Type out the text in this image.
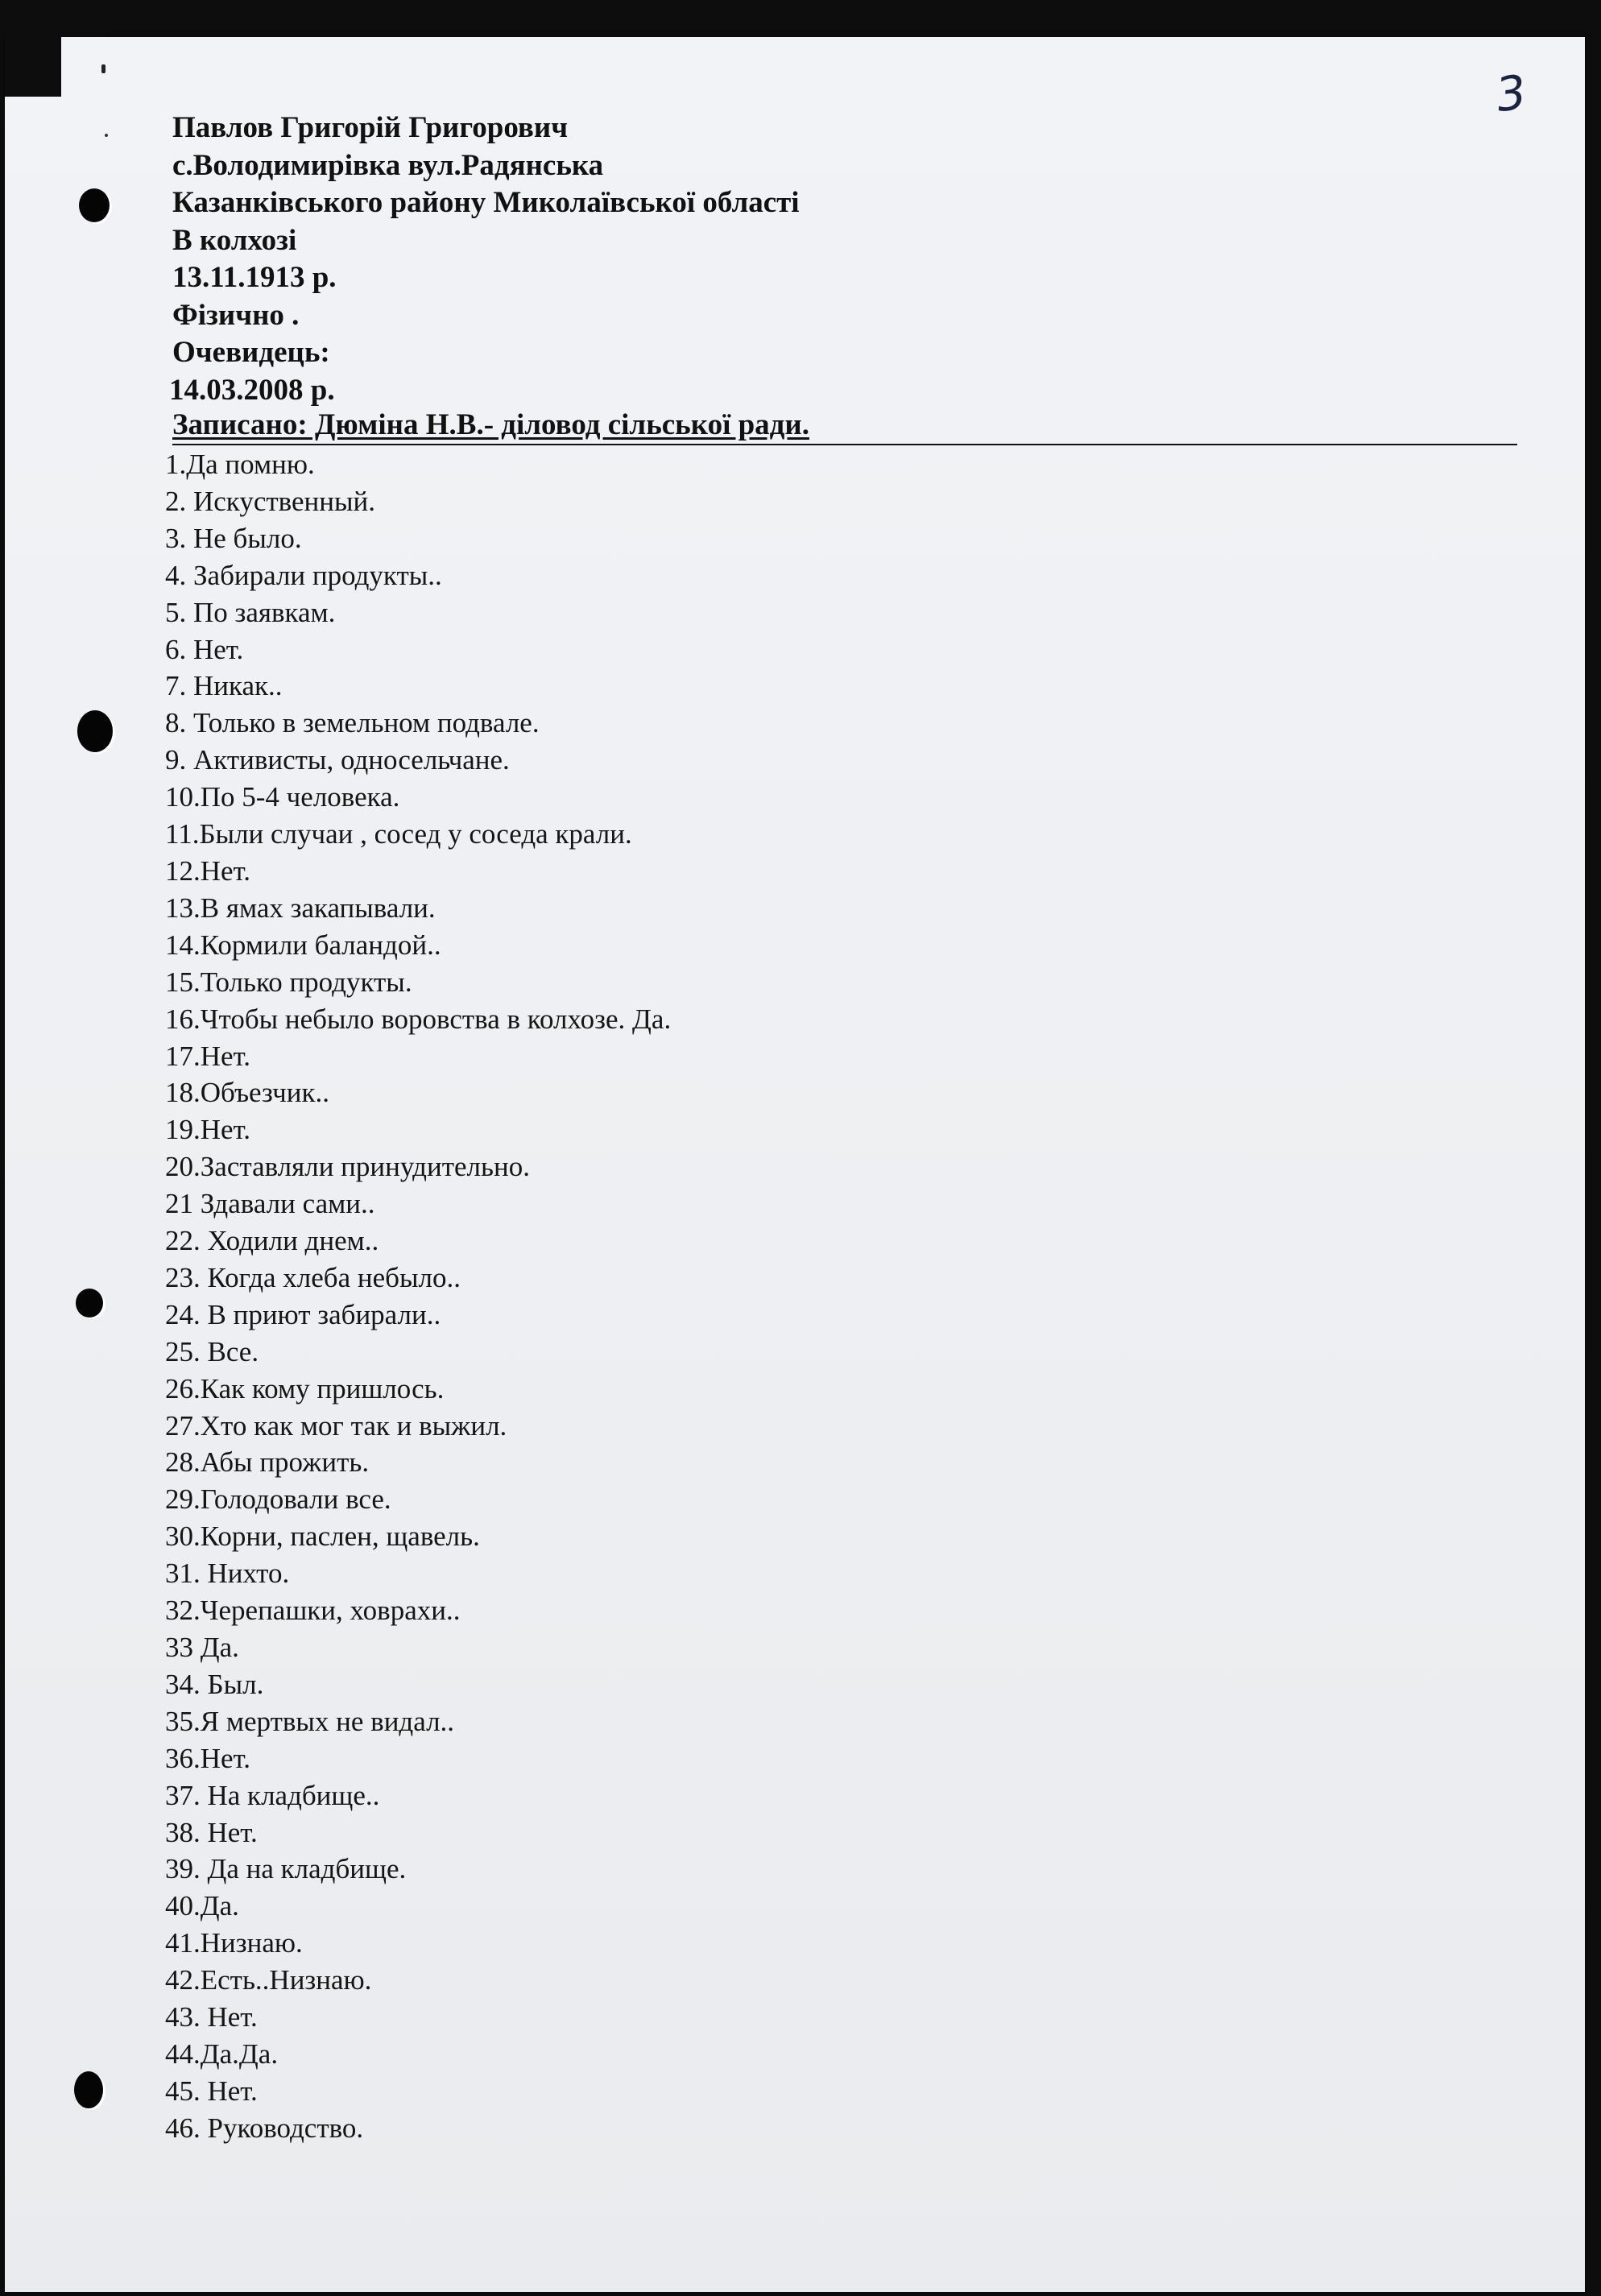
3
Павлов Григорій Григорович
с.Володимирівка вул.Радянська
Казанківського району Миколаївської області
В колхозі
13.11.1913 р.
Фізично .
Очевидець:
14.03.2008 р.
Записано: Дюміна Н.В.- діловод сільської ради.
1.Да помню.
2. Искуственный.
3. Не было.
4. Забирали продукты..
5. По заявкам.
6. Нет.
7. Никак..
8. Только в земельном подвале.
9. Активисты, односельчане.
10.По 5-4 человека.
11.Были случаи , сосед у соседа крали.
12.Нет.
13.В ямах закапывали.
14.Кормили баландой..
15.Только продукты.
16.Чтобы небыло воровства в колхозе. Да.
17.Нет.
18.Объезчик..
19.Нет.
20.Заставляли принудительно.
21 Здавали сами..
22. Ходили днем..
23. Когда хлеба небыло..
24. В приют забирали..
25. Все.
26.Как кому пришлось.
27.Хто как мог так и выжил.
28.Абы прожить.
29.Голодовали все.
30.Корни, паслен, щавель.
31. Нихто.
32.Черепашки, ховрахи..
33 Да.
34. Был.
35.Я мертвых не видал..
36.Нет.
37. На кладбище..
38. Нет.
39. Да на кладбище.
40.Да.
41.Низнаю.
42.Есть..Низнаю.
43. Нет.
44.Да.Да.
45. Нет.
46. Руководство.
